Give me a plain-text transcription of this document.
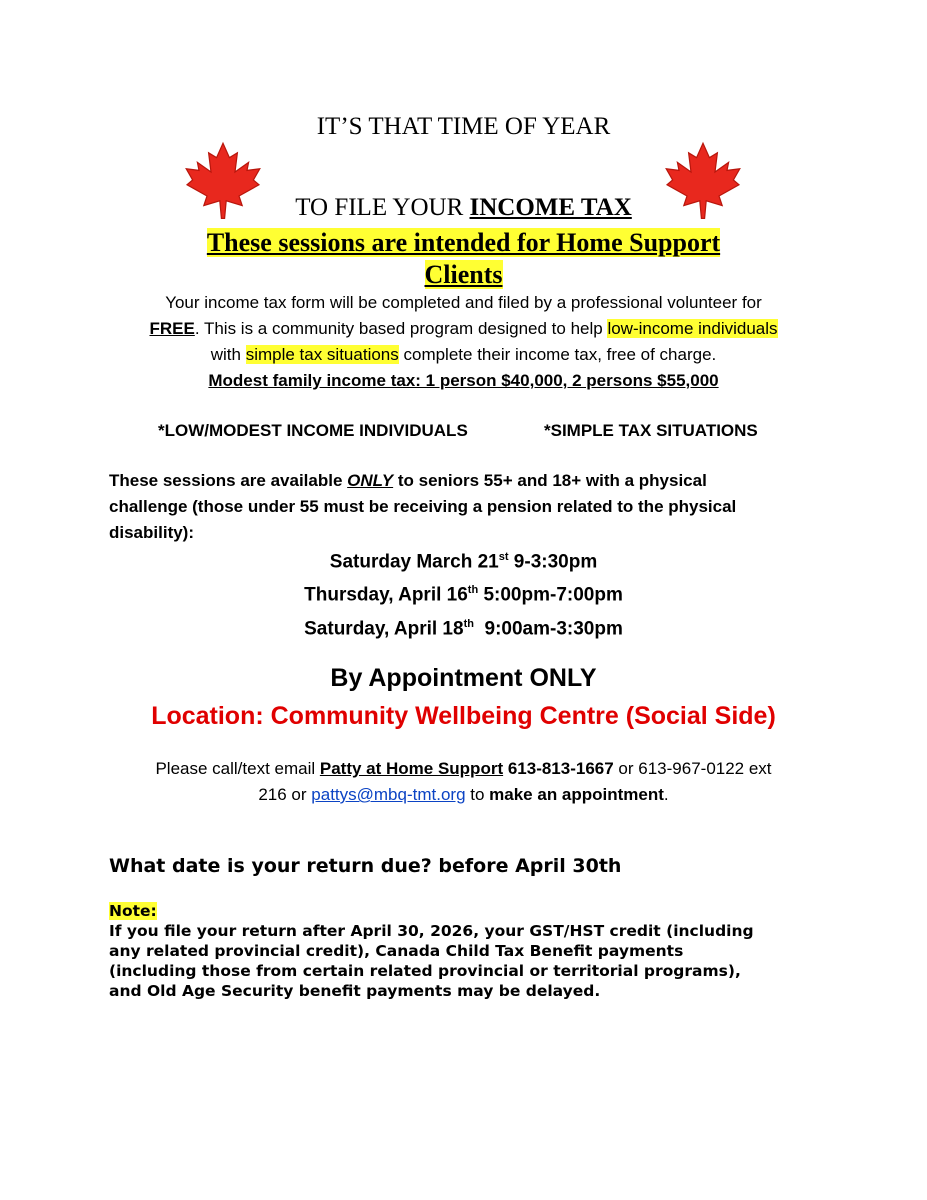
IT’S THAT TIME OF YEAR
TO FILE YOUR INCOME TAX
These sessions are intended for Home Support
Clients
Your income tax form will be completed and filed by a professional volunteer for
FREE. This is a community based program designed to help low-income individuals
with simple tax situations complete their income tax, free of charge.
Modest family income tax: 1 person $40,000, 2 persons $55,000
*LOW/MODEST INCOME INDIVIDUALS	*SIMPLE TAX SITUATIONS
These sessions are available ONLY to seniors 55+ and 18+ with a physical
challenge (those under 55 must be receiving a pension related to the physical
disability):
Saturday March 21st 9-3:30pm
Thursday, April 16th 5:00pm-7:00pm
Saturday, April 18th  9:00am-3:30pm
By Appointment ONLY
Location: Community Wellbeing Centre (Social Side)
Please call/text email Patty at Home Support 613-813-1667 or 613-967-0122 ext
216 or pattys@mbq-tmt.org to make an appointment.
What date is your return due? before April 30th
Note:
If you file your return after April 30, 2026, your GST/HST credit (including
any related provincial credit), Canada Child Tax Benefit payments
(including those from certain related provincial or territorial programs),
and Old Age Security benefit payments may be delayed.
